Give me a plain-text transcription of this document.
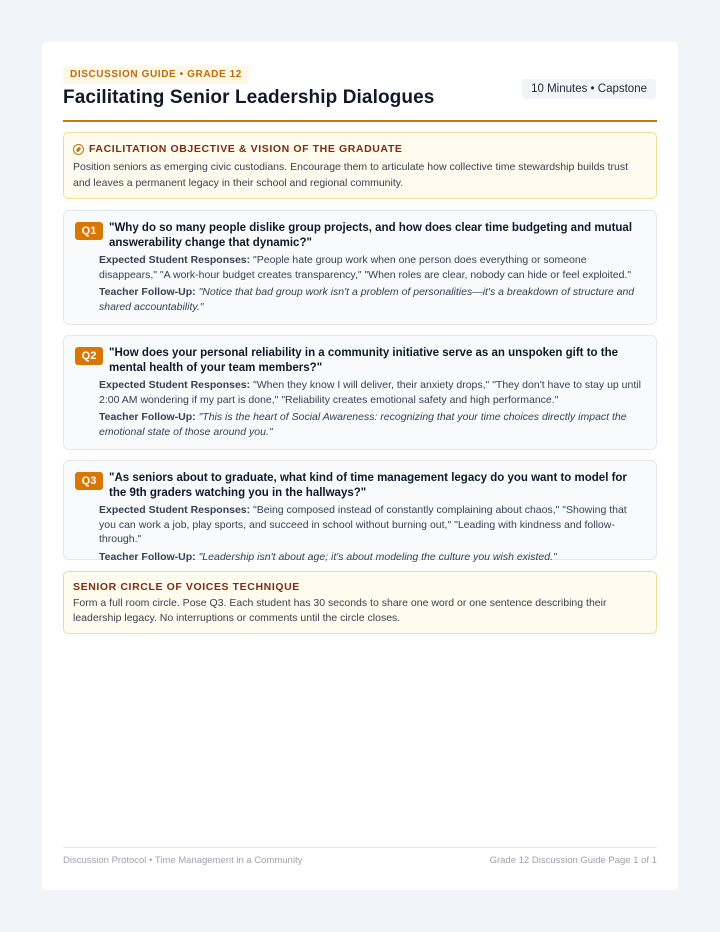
DISCUSSION GUIDE • GRADE 12
Facilitating Senior Leadership Dialogues	10 Minutes • Capstone
FACILITATION OBJECTIVE & VISION OF THE GRADUATE

Position seniors as emerging civic custodians. Encourage them to articulate how collective time stewardship builds trust and leaves a permanent legacy in their school and regional community.

Q1	"Why do so many people dislike group projects, and how does clear time budgeting and mutual answerability change that dynamic?"
Expected Student Responses: "People hate group work when one person does everything or someone disappears," "A work-hour budget creates transparency," "When roles are clear, nobody can hide or feel exploited."
Teacher Follow-Up: "Notice that bad group work isn't a problem of personalities—it's a breakdown of structure and shared accountability."
Q2	"How does your personal reliability in a community initiative serve as an unspoken gift to the mental health of your team members?"
Expected Student Responses: "When they know I will deliver, their anxiety drops," "They don't have to stay up until 2:00 AM wondering if my part is done," "Reliability creates emotional safety and high performance."
Teacher Follow-Up: "This is the heart of Social Awareness: recognizing that your time choices directly impact the emotional state of those around you."
Q3	"As seniors about to graduate, what kind of time management legacy do you want to model for the 9th graders watching you in the hallways?"
Expected Student Responses: "Being composed instead of constantly complaining about chaos," "Showing that you can work a job, play sports, and succeed in school without burning out," "Leading with kindness and follow-through."
Teacher Follow-Up: "Leadership isn't about age; it's about modeling the culture you wish existed."
SENIOR CIRCLE OF VOICES TECHNIQUE

Form a full room circle. Pose Q3. Each student has 30 seconds to share one word or one sentence describing their leadership legacy. No interruptions or comments until the circle closes.

Discussion Protocol • Time Management in a Community	Grade 12 Discussion Guide Page 1 of 1
